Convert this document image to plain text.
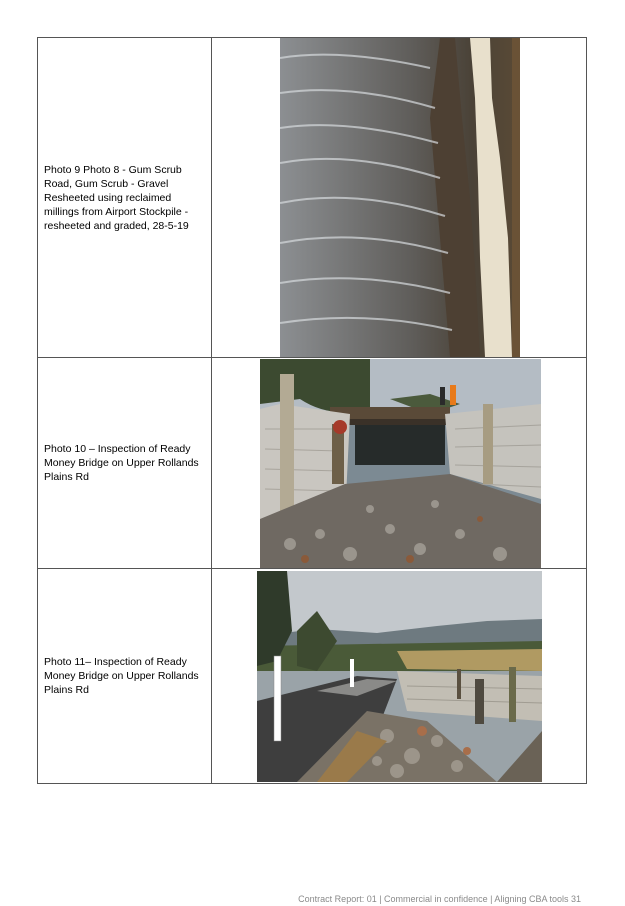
Photo 9 Photo 8 - Gum Scrub
Road, Gum Scrub - Gravel
Resheeted using reclaimed
millings from Airport Stockpile -
resheeted and graded, 28-5-19

Photo 10 – Inspection of Ready
Money Bridge on Upper Rollands
Plains Rd

Photo 11– Inspection of Ready
Money Bridge on Upper Rollands
Plains Rd

Contract Report: 01 | Commercial in confidence | Aligning CBA tools 31
